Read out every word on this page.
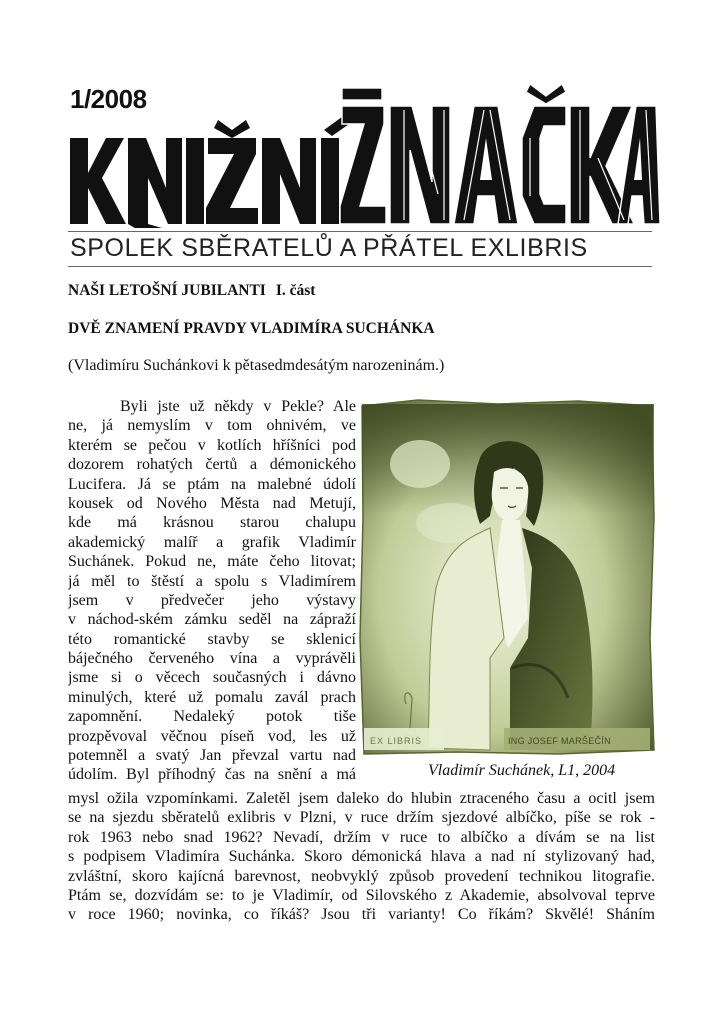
1/2008
SPOLEK SBĚRATELŮ A PŘÁTEL EXLIBRIS
NAŠI LETOŠNÍ JUBILANTI I. část
DVĚ ZNAMENÍ PRAVDY VLADIMÍRA SUCHÁNKA
(Vladimíru Suchánkovi k pětasedmdesátým narozeninám.)
Byli jste už někdy v Pekle? Ale
ne, já nemyslím v tom ohnivém, ve
kterém se pečou v kotlích hříšníci pod
dozorem rohatých čertů a démonického
Lucifera. Já se ptám na malebné údolí
kousek od Nového Města nad Metují,
kde má krásnou starou chalupu
akademický malíř a grafik Vladimír
Suchánek. Pokud ne, máte čeho litovat;
já měl to štěstí a spolu s Vladimírem
jsem v předvečer jeho výstavy
v náchod-ském zámku seděl na zápraží
této romantické stavby se sklenicí
báječného červeného vína a vyprávěli
jsme si o věcech současných i dávno
minulých, které už pomalu zavál prach
zapomnění. Nedaleký potok tiše
prozpěvoval věčnou píseň vod, les už
potemněl a svatý Jan převzal vartu nad
údolím. Byl příhodný čas na snění a má
EX LIBRIS	ING JOSEF MARŠEČÍN
Vladimír Suchánek, L1, 2004
mysl ožila vzpomínkami. Zaletěl jsem daleko do hlubin ztraceného času a ocitl jsem
se na sjezdu sběratelů exlibris v Plzni, v ruce držím sjezdové albíčko, píše se rok -
rok 1963 nebo snad 1962? Nevadí, držím v ruce to albíčko a dívám se na list
s podpisem Vladimíra Suchánka. Skoro démonická hlava a nad ní stylizovaný had,
zvláštní, skoro kajícná barevnost, neobvyklý způsob provedení technikou litografie.
Ptám se, dozvídám se: to je Vladimír, od Silovského z Akademie, absolvoval teprve
v roce 1960; novinka, co říkáš? Jsou tři varianty! Co říkám? Skvělé! Sháním
